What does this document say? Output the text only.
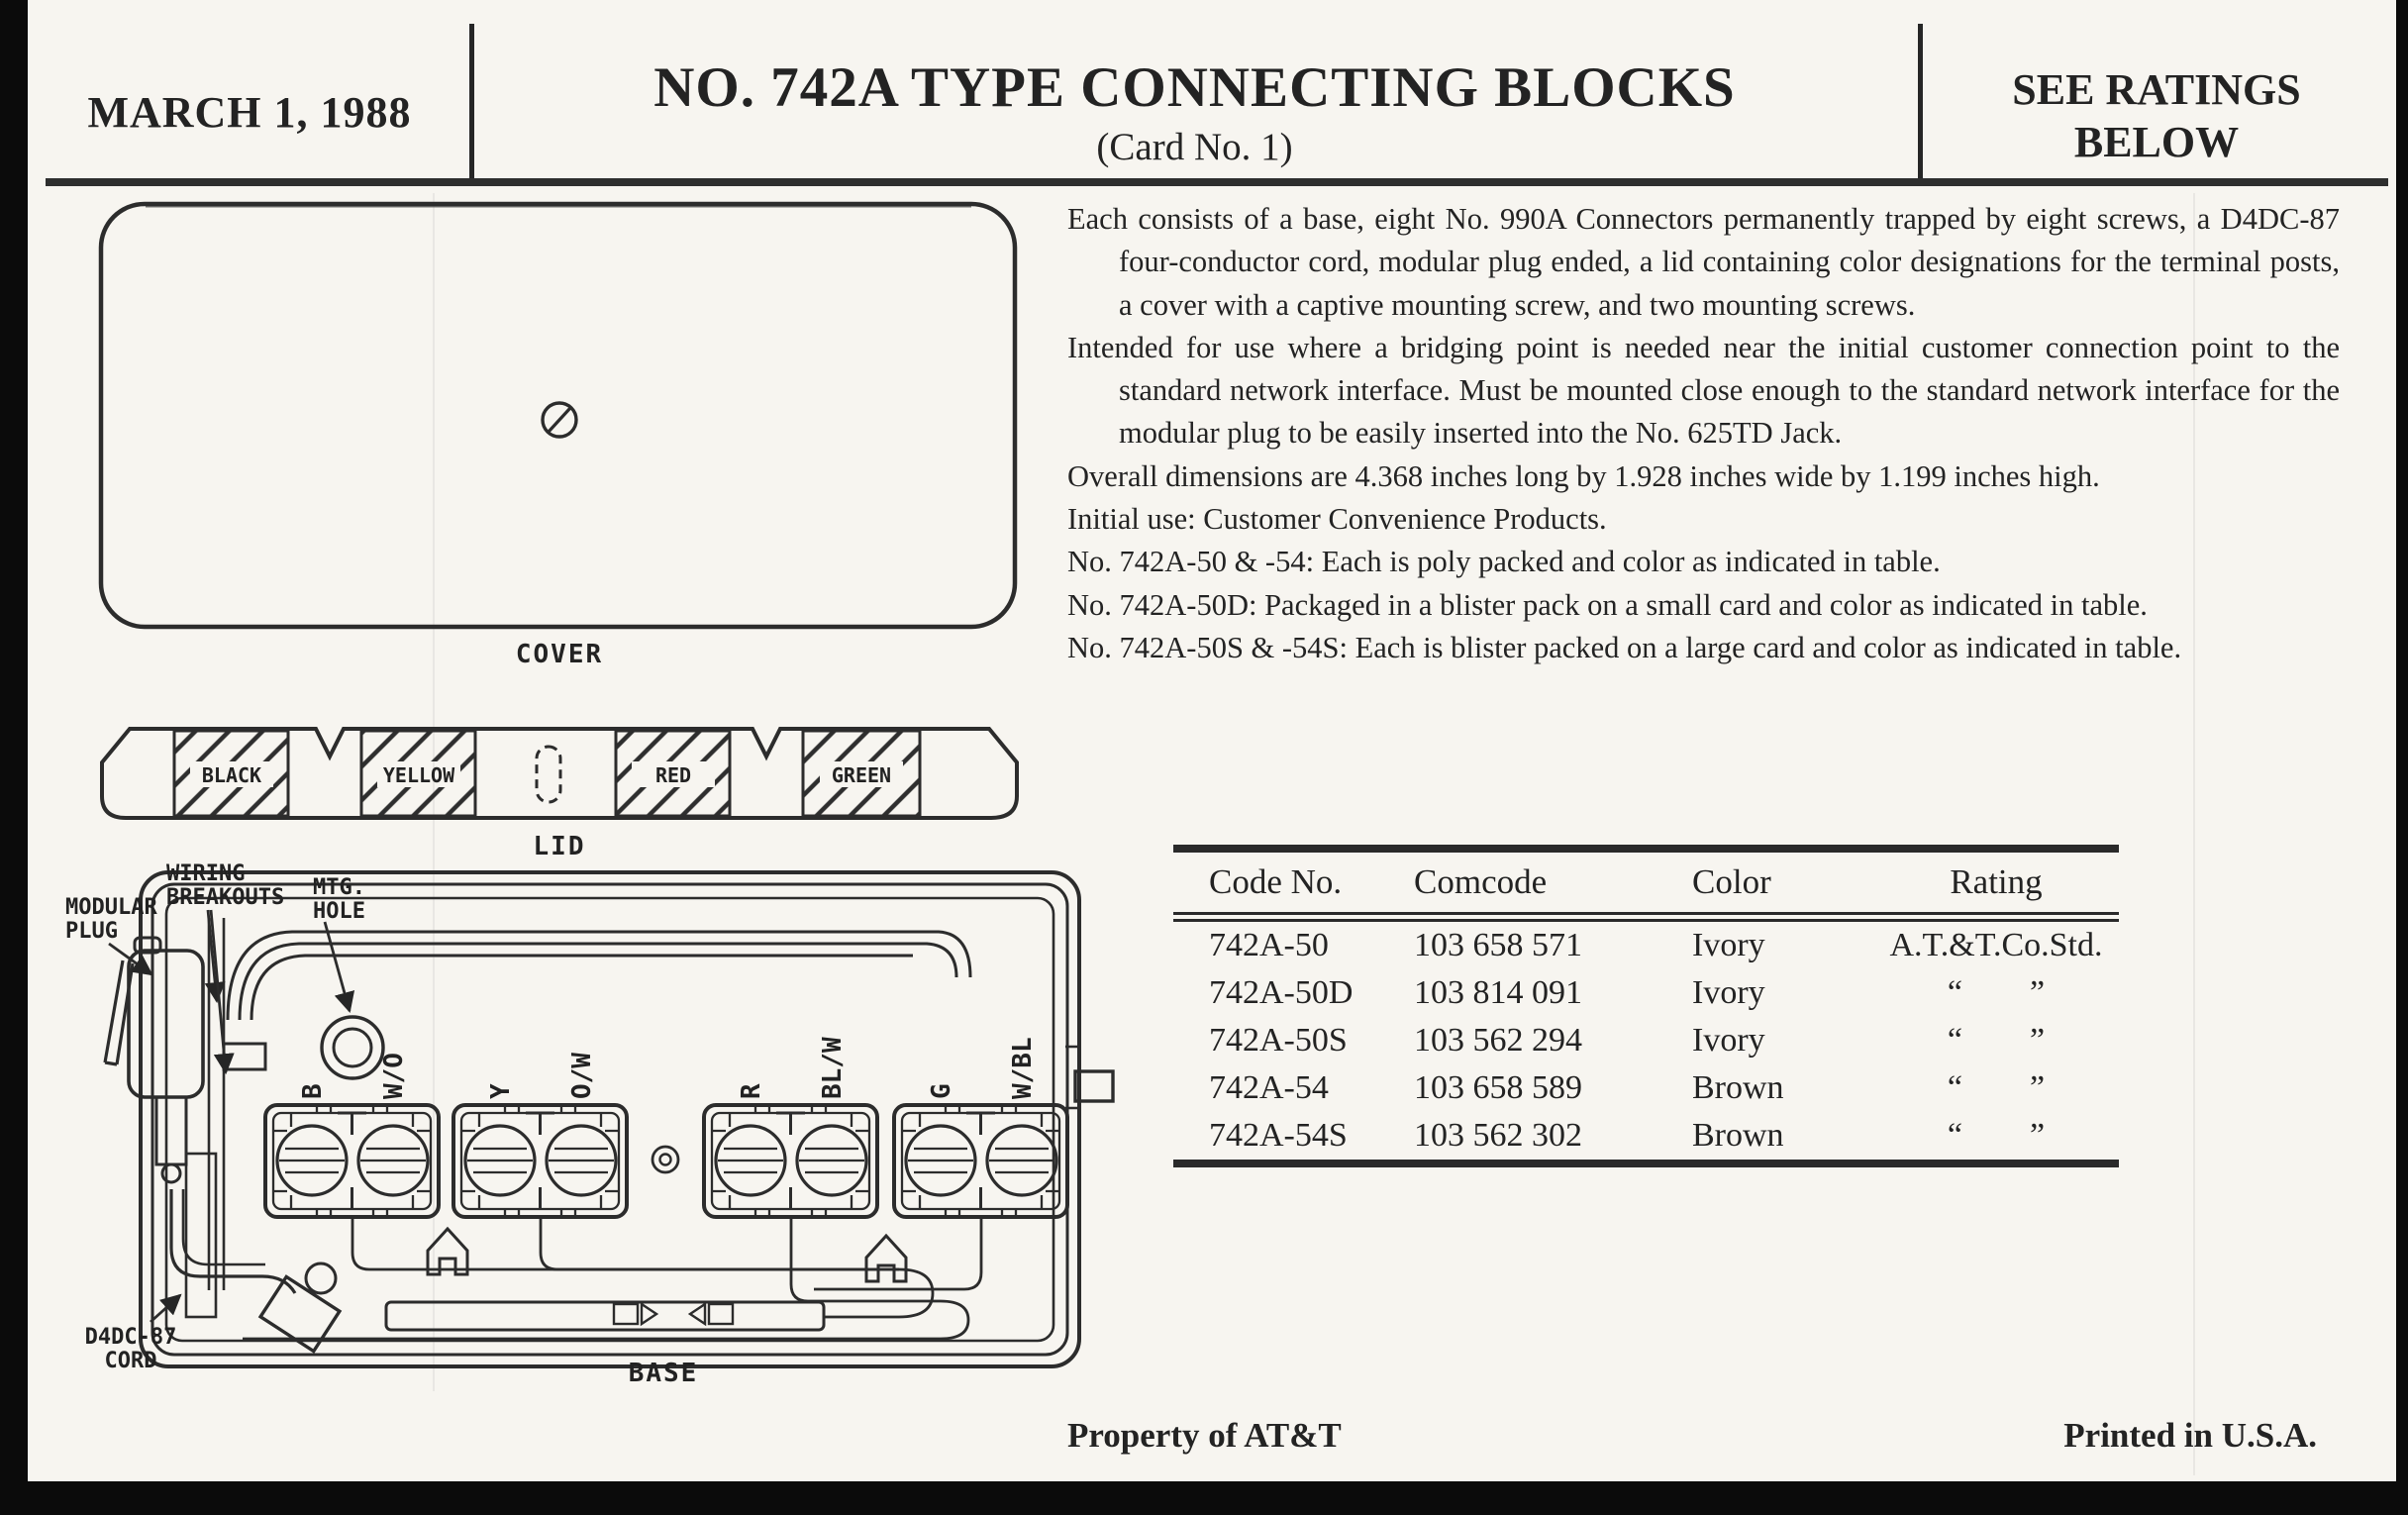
MARCH 1, 1988	NO. 742A TYPE CONNECTING BLOCKS
(Card No. 1)
SEE RATINGS
BELOW
COVER
BLACK	YELLOW	RED	GREEN
LID
WIRING
BREAKOUTS MTG.
HOLE
MODULAR
PLUG
D4DC-87
CORD	BASE
B W/O	Y O/W	R BL/W	G W/BL
Each consists of a base, eight No. 990A Connectors permanently trapped by eight screws, a D4DC-87 four-conductor cord, modular plug ended, a lid containing color designations for the terminal posts, a cover with a captive mounting screw, and two mounting screws.
Intended for use where a bridging point is needed near the initial customer connection point to the standard network interface. Must be mounted close enough to the standard network interface for the modular plug to be easily inserted into the No. 625TD Jack.
Overall dimensions are 4.368 inches long by 1.928 inches wide by 1.199 inches high.
Initial use: Customer Convenience Products.
No. 742A-50 & -54: Each is poly packed and color as indicated in table.
No. 742A-50D: Packaged in a blister pack on a small card and color as indicated in table.
No. 742A-50S & -54S: Each is blister packed on a large card and color as indicated in table.
Code No.	Comcode	Color	Rating
742A-50	103 658 571	Ivory	A.T.&T.Co.Std.
742A-50D	103 814 091	Ivory	“  ”
742A-50S	103 562 294	Ivory	“  ”
742A-54	103 658 589	Brown	“  ”
742A-54S	103 562 302	Brown	“  ”
Property of AT&T	Printed in U.S.A.
